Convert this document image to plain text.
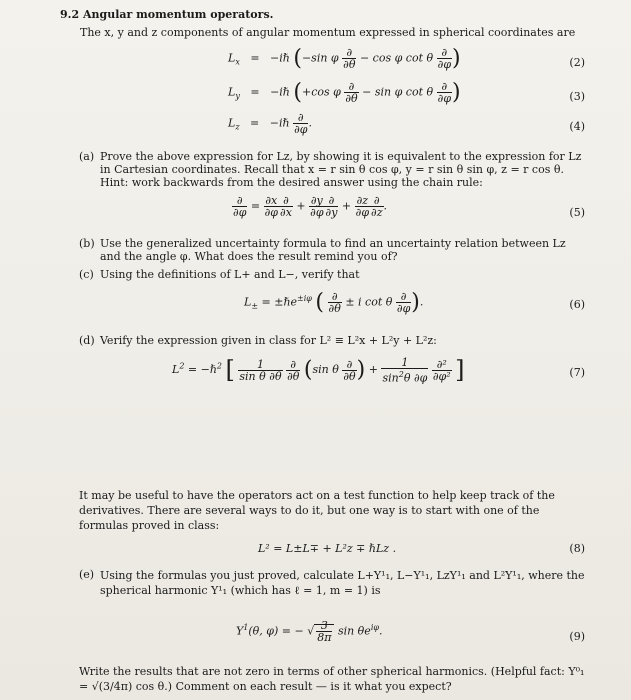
9.2 Angular momentum operators.
The x, y and z components of angular momentum expressed in spherical coordinates are
$L_x$ = −iℏ (−sin φ $\frac{\partial}{\partial\theta} - \cos \varphi$ cot θ $\frac{\partial}{\partial\varphi}$ )	(2)
$L_y$ = −iℏ (+cos φ $\frac{\partial}{\partial\theta} - \sin \varphi$ cot θ $\frac{\partial}{\partial\varphi}$ )	(3)
$L_z$ = −iℏ $\frac{\partial}{\partial\varphi}$ .	(4)
(a) Prove the above expression for Lz, by showing it is equivalent to the expression for Lz in Cartesian coordinates. Recall that x = r sin θ cos φ, y = r sin θ sin φ, z = r cos θ. Hint: work backwards from the desired answer using the chain rule:
$\frac{\partial}{\partial\varphi} = \frac{\partial x}{\partial\varphi} \frac{\partial}{\partial x} + \frac{\partial y}{\partial\varphi} \frac{\partial}{\partial y} + \frac{\partial z}{\partial\varphi} \frac{\partial}{\partial z}$ .	(5)
(b) Use the generalized uncertainty formula to find an uncertainty relation between Lz and the angle φ. What does the result remind you of?
(c) Using the definitions of L+ and L−, verify that
$L_\pm$ = ±ℏe$^{\pm i\varphi}$ ( $\frac{\partial}{\partial\theta} \pm i$ cot θ $\frac{\partial}{\partial\varphi}$ ).	(6)
(d) Verify the expression given in class for L² ≡ L²x + L²y + L²z:
$L^2$ = −ℏ$^2$ [ $\frac{1}{\text{sin θ ∂θ}}$
$\frac{\partial}{\partial\theta} (\sin$ θ $\frac{\partial}{\partial\theta}$ ) + $\frac{1}{\sin^2\theta \partial\varphi}$
$\frac{\text{∂²}}{\text{∂φ²}}$ ]	(7)
It may be useful to have the operators act on a test function to help keep track of the derivatives. There are several ways to do it, but one way is to start with one of the formulas proved in class:
L² = L±L∓ + L²z ∓ ℏLz .	(8)
(e) Using the formulas you just proved, calculate L+Y¹₁, L−Y¹₁, LzY¹₁ and L²Y¹₁, where the spherical harmonic Y¹₁ (which has ℓ = 1, m = 1) is
$Y^1(\theta$, φ) = − √ $\frac{3}{8\pi}$ $\sin \theta e^{i\varphi}$.	(9)
Write the results that are not zero in terms of other spherical harmonics. (Helpful fact: Y⁰₁ = √(3/4π) cos θ.) Comment on each result — is it what you expect?
